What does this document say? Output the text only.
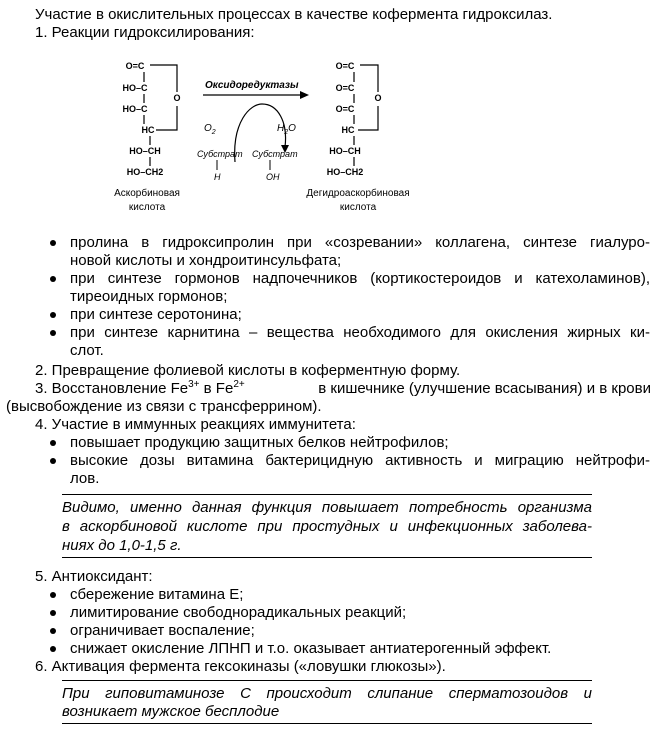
Участие в окислительных процессах в качестве кофермента гидроксилаз.
1. Реакции гидроксилирования:
O=C
HO–C
HO–C
HC
HO–CH
HO–CH2
O
O=C
O=C
O=C
HC
HO–CH
HO–CH2
O
Оксидоредуктазы
$O_2$	$H_2O$
Субстрат Субстрат
H	OH
Аскорбиновая
кислота
Дегидроаскорбиновая
кислота
пролина в гидроксипролин при «созревании» коллагена, синтезе гиалуро-
новой кислоты и хондроитинсульфата;
при синтезе гормонов надпочечников (кортикостероидов и катехоламинов),
тиреоидных гормонов;
при синтезе серотонина;
при синтезе карнитина – вещества необходимого для окисления жирных ки-
слот.
2. Превращение фолиевой кислоты в коферментную форму.
3. Восстановление $Fe^{3+}$ в $Fe^{2+}$	в кишечнике (улучшение всасывания) и в крови
(высвобождение из связи с трансферрином).
4. Участие в иммунных реакциях иммунитета:
повышает продукцию защитных белков нейтрофилов;
высокие дозы витамина бактерицидную активность и миграцию нейтрофи-
лов.
Видимо, именно данная функция повышает потребность организма
в аскорбиновой кислоте при простудных и инфекционных заболева-
ниях до 1,0-1,5 г.
5. Антиоксидант:
сбережение витамина Е;
лимитирование свободнорадикальных реакций;
ограничивает воспаление;
снижает окисление ЛПНП и т.о. оказывает антиатерогенный эффект.
6. Активация фермента гексокиназы («ловушки глюкозы»).
При гиповитаминозе С происходит слипание сперматозоидов и
возникает мужское бесплодие
